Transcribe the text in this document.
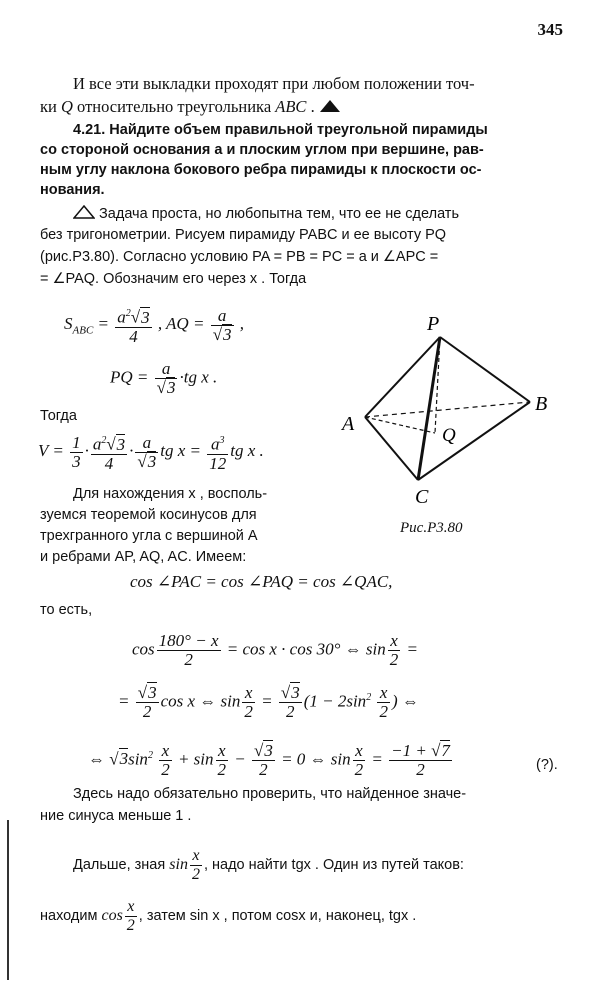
345
И все эти выкладки проходят при любом положении точ-
ки Q относительно треугольника ABC .
4.21. Найдите объем правильной треугольной пирамиды
со стороной основания a и плоским углом при вершине, рав-
ным углу наклона бокового ребра пирамиды к плоскости ос-
нования.
Задача проста, но любопытна тем, что ее не сделать
без тригонометрии. Рисуем пирамиду PABC и ее высоту PQ
(рис.Р3.80). Согласно условию PA = PB = PC = a и ∠APC =
= ∠PAQ. Обозначим его через x . Тогда
$S_{ABC} = \frac{a^2√3}{4}$ , AQ = $\frac{a}{√3}$ ,
PQ = $\frac{a}{√3} \cdot tg$ x .
Тогда
$V = \frac{1}{3} \cdot \frac{a^2√3}{4} \cdot \frac{a}{√3}$ tg $x = \frac{a^3}{12}$ tg x .
Для нахождения x , восполь-
зуемся теоремой косинусов для
трехгранного угла с вершиной A
и ребрами AP, AQ, AC. Имеем:
P
A
B
C
Q
Рис.Р3.80
cos ∠PAC = cos ∠PAQ = cos ∠QAC,
то есть,
$\cos \frac{180^\circ - x}{2} = \cos x \cdot \cos 30^\circ$ ⇔ $\sin \frac{x}{2}$ =
= $\frac{√3}{2}$ cos x ⇔ $\sin \frac{x}{2} = \frac{√3}{2} (1 - 2\sin^2 \frac{x}{2}$ ) ⇔
⇔ $√3\sin^2 \frac{x}{2} + \sin \frac{x}{2} - \frac{√3}{2} = 0$ ⇔ $\sin \frac{x}{2} = \frac{-1 + √7}{2}$	(?).
Здесь надо обязательно проверить, что найденное значе-
ние синуса меньше 1 .
Дальше, зная $\sin \frac{x}{2}$ , надо найти tgx . Один из путей таков:
находим $\cos \frac{x}{2}$ , затем sin x , потом cosx и, наконец, tgx .
